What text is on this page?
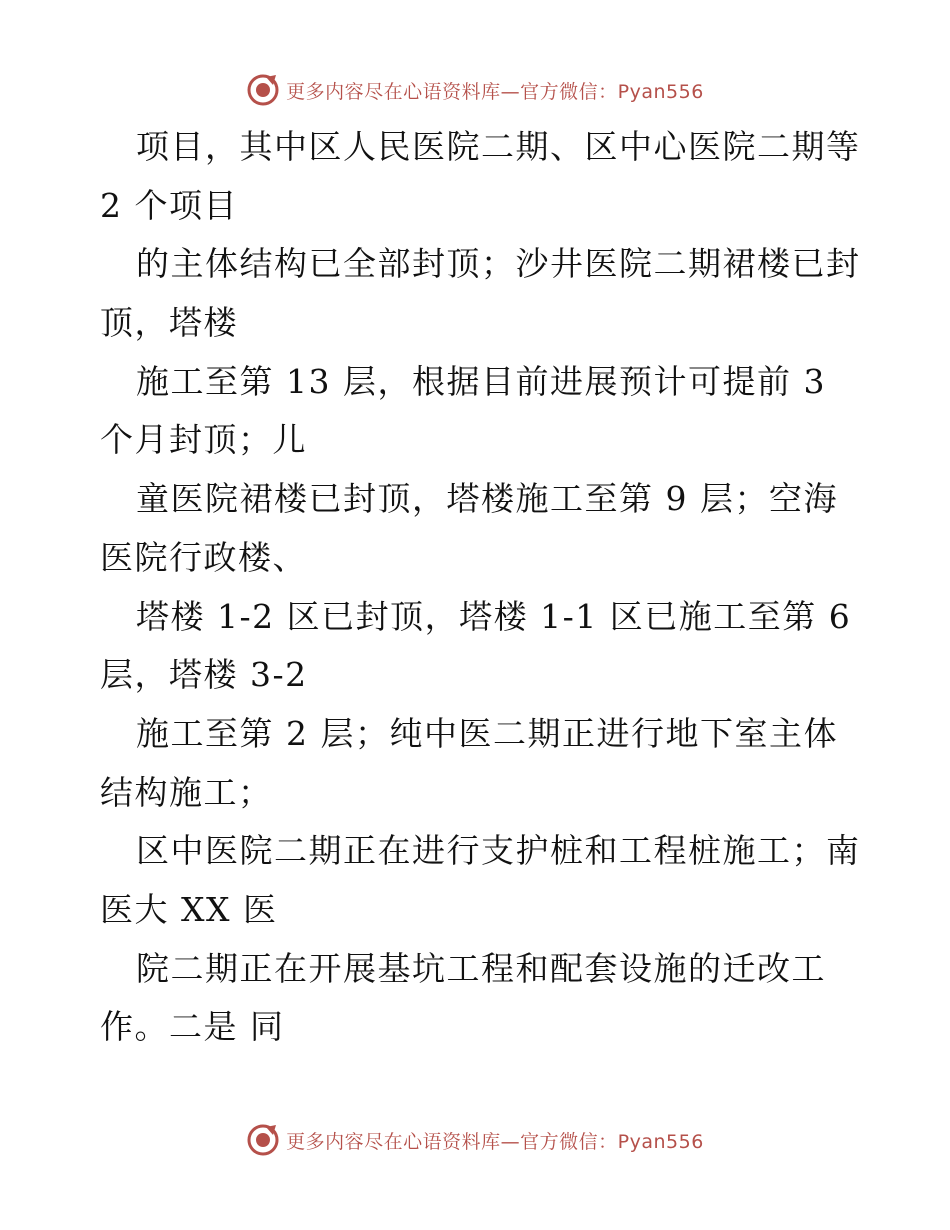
更多内容尽在心语资料库—官方微信：Pyan556
项目，其中区人民医院二期、区中心医院二期等
2 个项目
的主体结构已全部封顶；沙井医院二期裙楼已封
顶，塔楼
施工至第 13 层，根据目前进展预计可提前 3
个月封顶；儿
童医院裙楼已封顶，塔楼施工至第 9 层；空海
医院行政楼、
塔楼 1-2 区已封顶，塔楼 1-1 区已施工至第 6
层，塔楼 3-2
施工至第 2 层；纯中医二期正进行地下室主体
结构施工；
区中医院二期正在进行支护桩和工程桩施工；南
医大 XX 医
院二期正在开展基坑工程和配套设施的迁改工
作。二是 同
更多内容尽在心语资料库—官方微信：Pyan556
